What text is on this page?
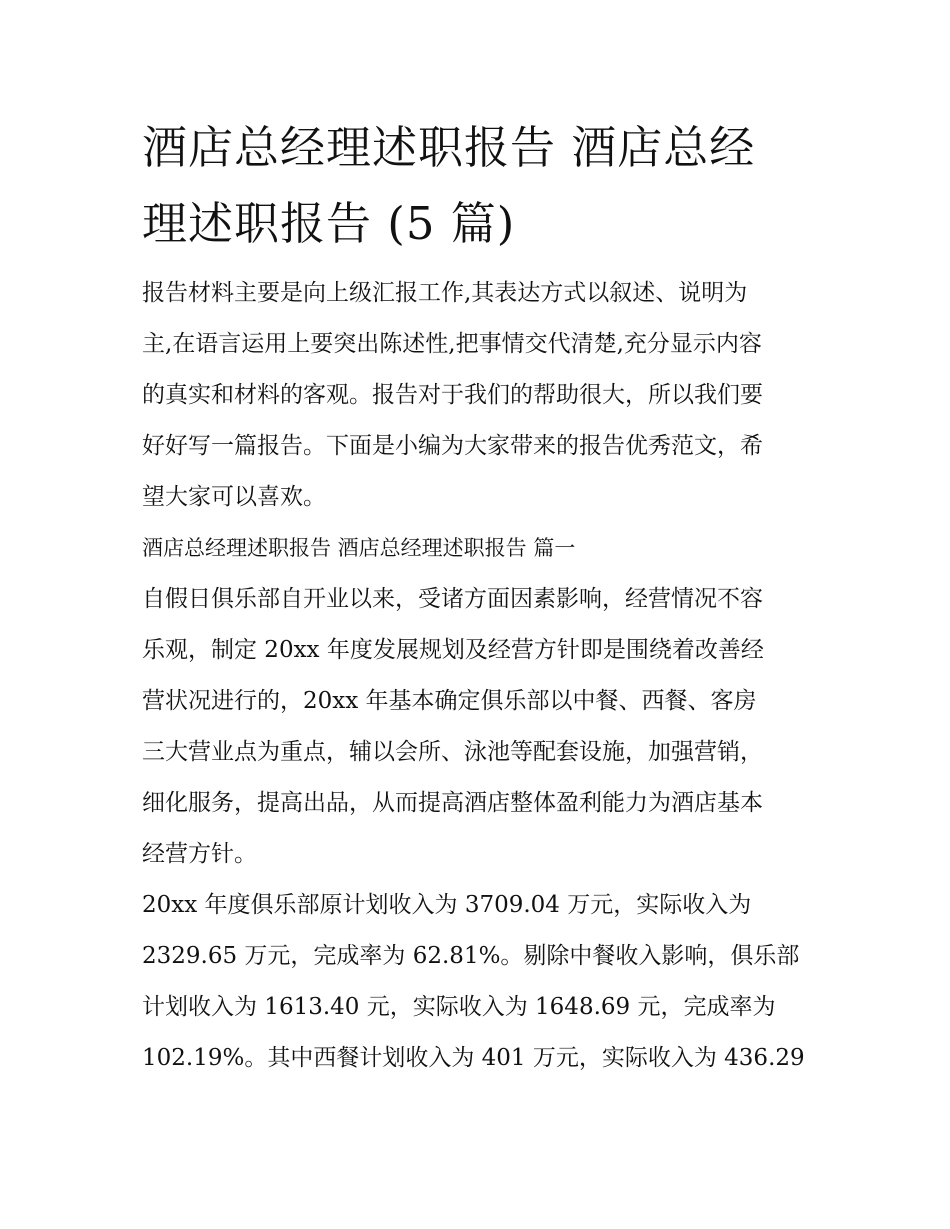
酒店总经理述职报告 酒店总经
理述职报告 (5 篇)
报告材料主要是向上级汇报工作,其表达方式以叙述、说明为
主,在语言运用上要突出陈述性,把事情交代清楚,充分显示内容
的真实和材料的客观。报告对于我们的帮助很大，所以我们要
好好写一篇报告。下面是小编为大家带来的报告优秀范文，希
望大家可以喜欢。
酒店总经理述职报告 酒店总经理述职报告 篇一
自假日俱乐部自开业以来，受诸方面因素影响，经营情况不容
乐观，制定 20xx 年度发展规划及经营方针即是围绕着改善经
营状况进行的，20xx 年基本确定俱乐部以中餐、西餐、客房
三大营业点为重点，辅以会所、泳池等配套设施，加强营销，
细化服务，提高出品，从而提高酒店整体盈利能力为酒店基本
经营方针。
20xx 年度俱乐部原计划收入为 3709.04 万元，实际收入为
2329.65 万元，完成率为 62.81%。剔除中餐收入影响，俱乐部
计划收入为 1613.40 元，实际收入为 1648.69 元，完成率为
102.19%。其中西餐计划收入为 401 万元，实际收入为 436.29
